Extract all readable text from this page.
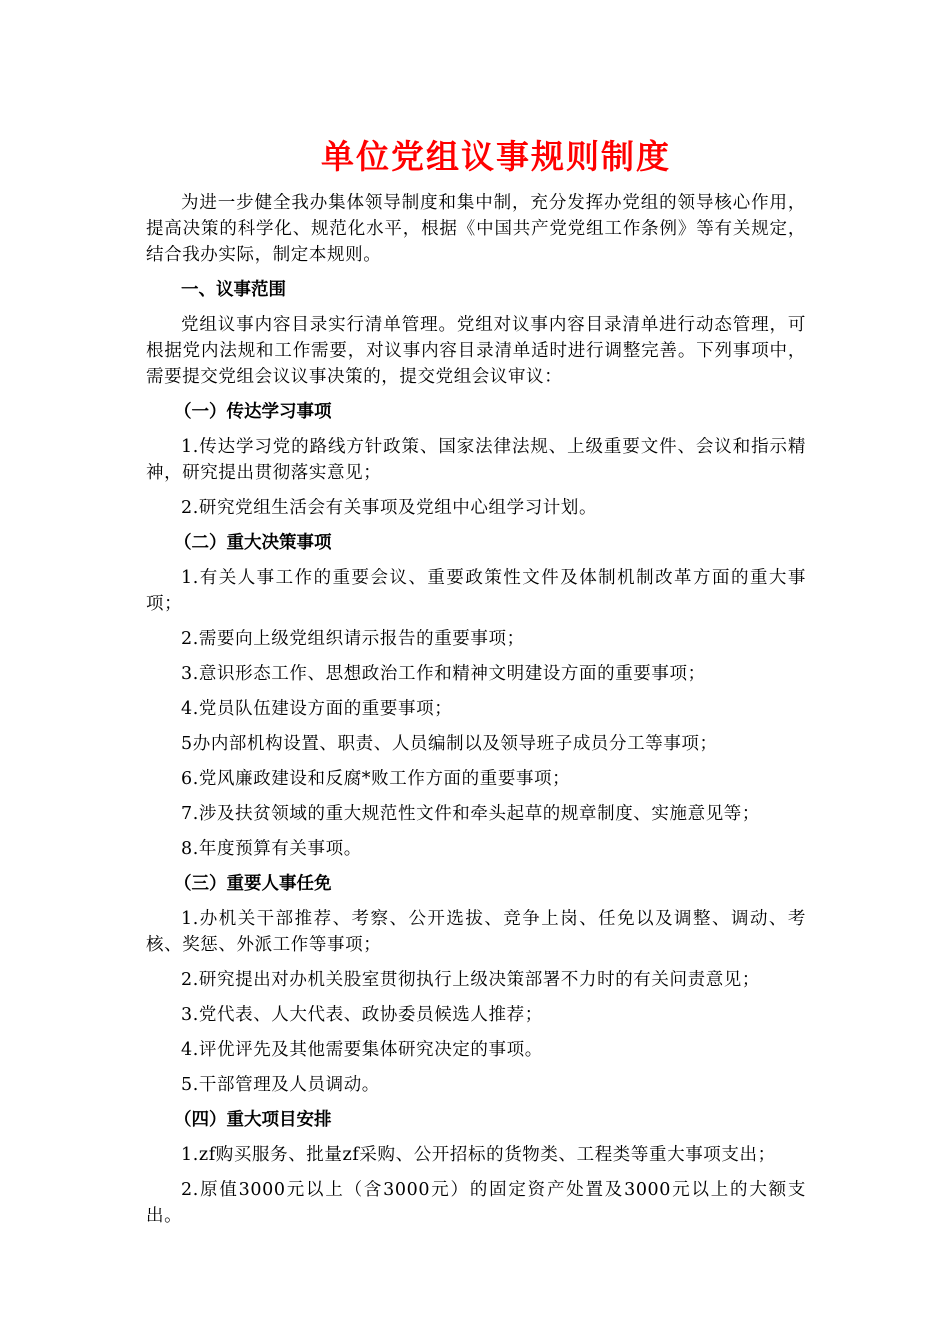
单位党组议事规则制度

为进一步健全我办集体领导制度和集中制，充分发挥办党组的领导核心作用，提高决策的科学化、规范化水平，根据《中国共产党党组工作条例》等有关规定，结合我办实际，制定本规则。

一、议事范围

党组议事内容目录实行清单管理。党组对议事内容目录清单进行动态管理，可根据党内法规和工作需要，对议事内容目录清单适时进行调整完善。下列事项中，需要提交党组会议议事决策的，提交党组会议审议：

（一）传达学习事项

1.传达学习党的路线方针政策、国家法律法规、上级重要文件、会议和指示精神，研究提出贯彻落实意见；

2.研究党组生活会有关事项及党组中心组学习计划。

（二）重大决策事项

1.有关人事工作的重要会议、重要政策性文件及体制机制改革方面的重大事项；

2.需要向上级党组织请示报告的重要事项；

3.意识形态工作、思想政治工作和精神文明建设方面的重要事项；

4.党员队伍建设方面的重要事项；

5办内部机构设置、职责、人员编制以及领导班子成员分工等事项；

6.党风廉政建设和反腐*败工作方面的重要事项；

7.涉及扶贫领域的重大规范性文件和牵头起草的规章制度、实施意见等；

8.年度预算有关事项。

（三）重要人事任免

1.办机关干部推荐、考察、公开选拔、竞争上岗、任免以及调整、调动、考核、奖惩、外派工作等事项；

2.研究提出对办机关股室贯彻执行上级决策部署不力时的有关问责意见；

3.党代表、人大代表、政协委员候选人推荐；

4.评优评先及其他需要集体研究决定的事项。

5.干部管理及人员调动。

（四）重大项目安排

1.zf购买服务、批量zf采购、公开招标的货物类、工程类等重大事项支出；

2.原值3000元以上（含3000元）的固定资产处置及3000元以上的大额支出。
